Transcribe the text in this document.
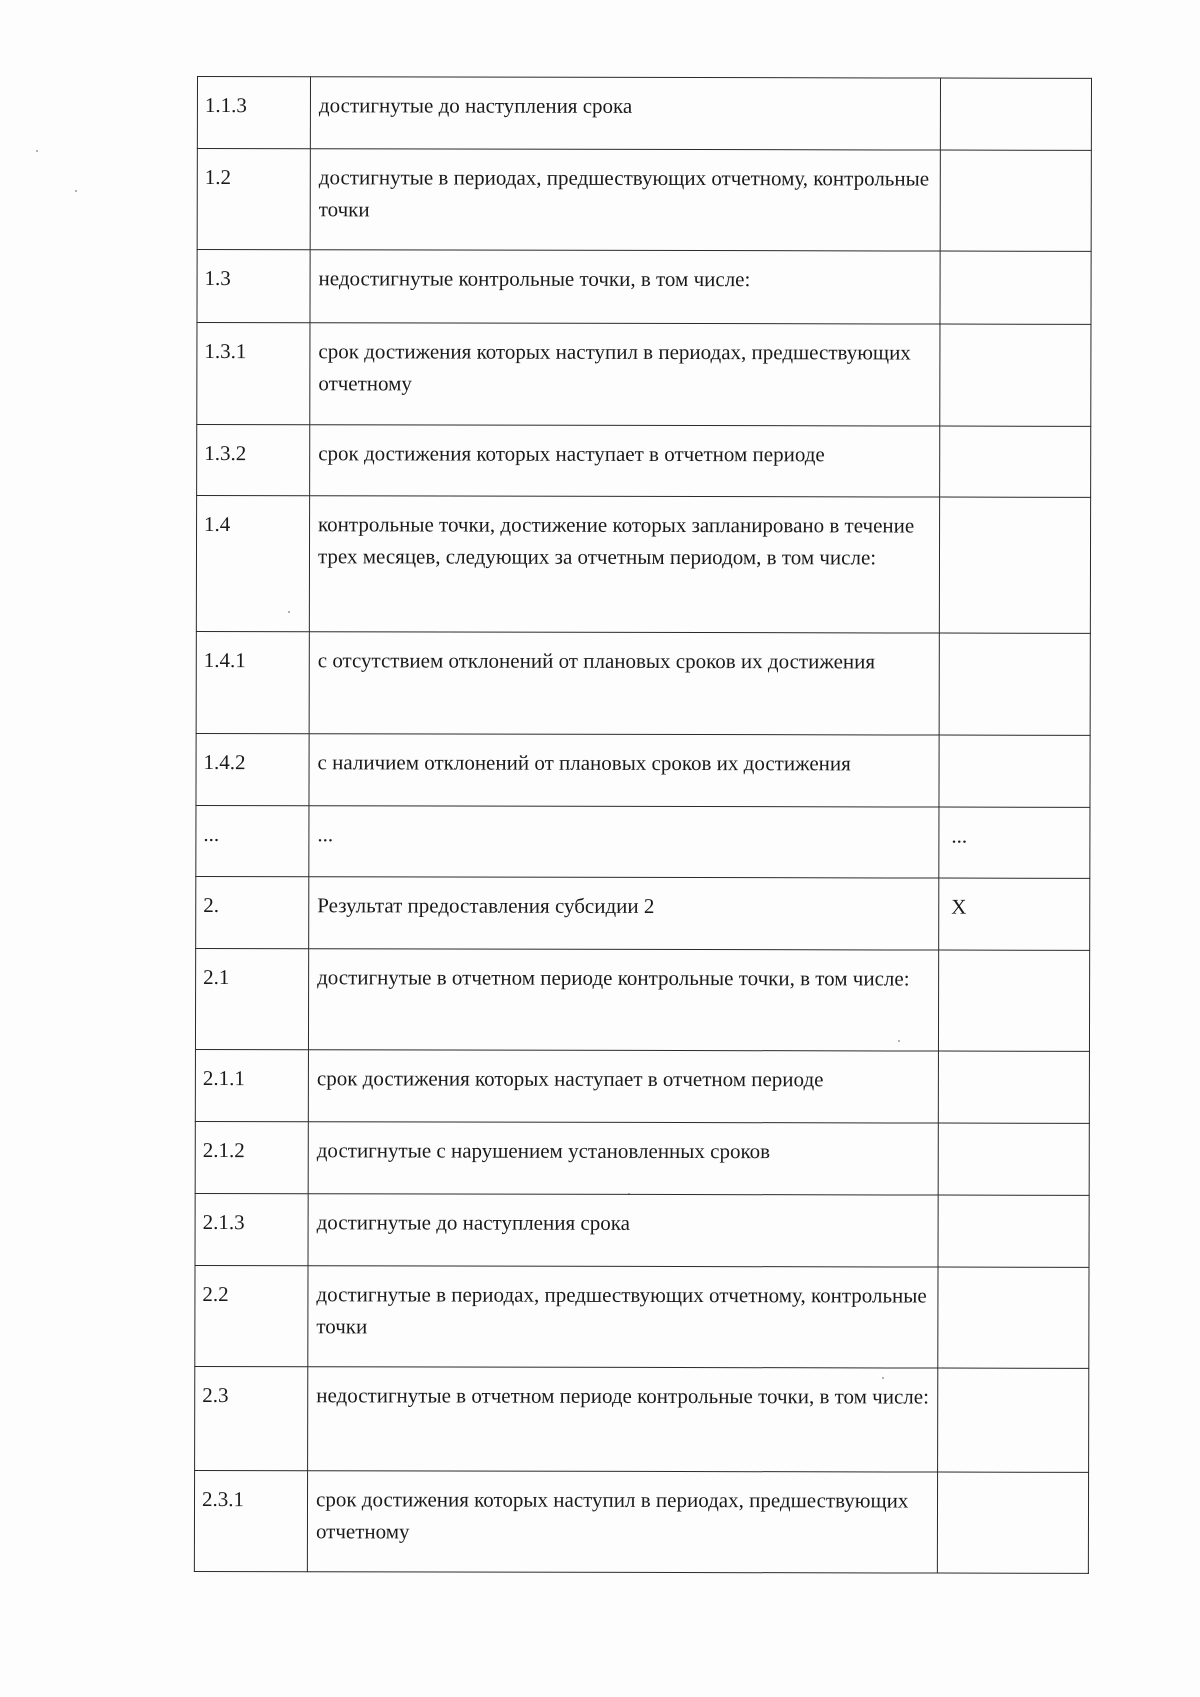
1.1.3	достигнутые до наступления срока	
1.2	достигнутые в периодах, предшествующих отчетному, контрольные точки	
1.3	недостигнутые контрольные точки, в том числе:	
1.3.1	срок достижения которых наступил в периодах, предшествующих отчетному	
1.3.2	срок достижения которых наступает в отчетном периоде	
1.4	контрольные точки, достижение которых запланировано в течение трех месяцев, следующих за отчетным периодом, в том числе:	
1.4.1	с отсутствием отклонений от плановых сроков их достижения	
1.4.2	с наличием отклонений от плановых сроков их достижения	
...	...	...
2.	Результат предоставления субсидии 2	X
2.1	достигнутые в отчетном периоде контрольные точки, в том числе:	
2.1.1	срок достижения которых наступает в отчетном периоде	
2.1.2	достигнутые с нарушением установленных сроков	
2.1.3	достигнутые до наступления срока	
2.2	достигнутые в периодах, предшествующих отчетному, контрольные точки	
2.3	недостигнутые в отчетном периоде контрольные точки, в том числе:	
2.3.1	срок достижения которых наступил в периодах, предшествующих отчетному	
